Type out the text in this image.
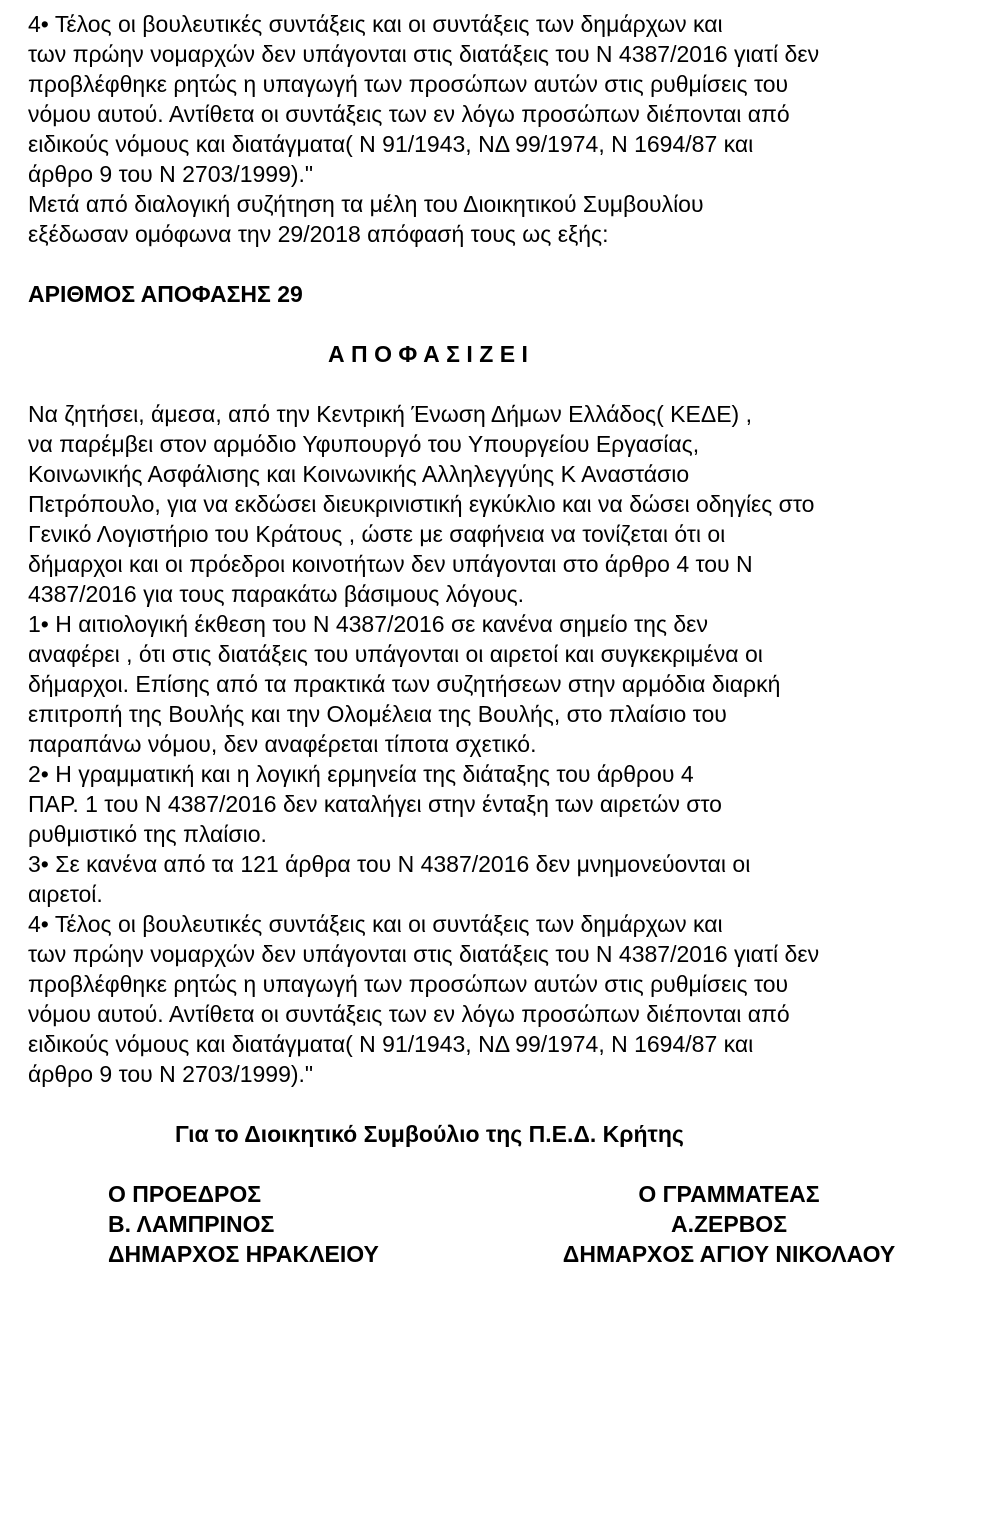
4• Τέλος οι βουλευτικές συντάξεις και οι συντάξεις των δημάρχων και
των πρώην νομαρχών δεν υπάγονται στις διατάξεις του Ν 4387/2016 γιατί δεν
προβλέφθηκε ρητώς η υπαγωγή των προσώπων αυτών στις ρυθμίσεις του
νόμου αυτού. Αντίθετα οι συντάξεις των εν λόγω προσώπων διέπονται από
ειδικούς νόμους και διατάγματα( Ν 91/1943, ΝΔ 99/1974, Ν 1694/87 και
άρθρο 9 του Ν 2703/1999)."

Μετά από διαλογική συζήτηση τα μέλη του Διοικητικού Συμβουλίου
εξέδωσαν ομόφωνα την 29/2018 απόφασή τους ως εξής:

ΑΡΙΘΜΟΣ ΑΠΟΦΑΣΗΣ 29

ΑΠΟΦΑΣΙΖΕΙ

Να ζητήσει, άμεσα, από την Κεντρική Ένωση Δήμων Ελλάδος( ΚΕΔΕ) ,
να παρέμβει στον αρμόδιο Υφυπουργό του Υπουργείου Εργασίας,
Κοινωνικής Ασφάλισης και Κοινωνικής Αλληλεγγύης Κ Αναστάσιο
Πετρόπουλο, για να εκδώσει διευκρινιστική εγκύκλιο και να δώσει οδηγίες στο
Γενικό Λογιστήριο του Κράτους , ώστε με σαφήνεια να τονίζεται ότι οι
δήμαρχοι και οι πρόεδροι κοινοτήτων δεν υπάγονται στο άρθρο 4 του Ν
4387/2016 για τους παρακάτω βάσιμους λόγους.

1• Η αιτιολογική έκθεση του Ν 4387/2016 σε κανένα σημείο της δεν
αναφέρει , ότι στις διατάξεις του υπάγονται οι αιρετοί και συγκεκριμένα οι
δήμαρχοι. Επίσης από τα πρακτικά των συζητήσεων στην αρμόδια διαρκή
επιτροπή της Βουλής και την Ολομέλεια της Βουλής, στο πλαίσιο του
παραπάνω νόμου, δεν αναφέρεται τίποτα σχετικό.

2• Η γραμματική και η λογική ερμηνεία της διάταξης του άρθρου 4
ΠΑΡ. 1 του Ν 4387/2016 δεν καταλήγει στην ένταξη των αιρετών στο
ρυθμιστικό της πλαίσιο.

3• Σε κανένα από τα 121 άρθρα του Ν 4387/2016 δεν μνημονεύονται οι
αιρετοί.

4• Τέλος οι βουλευτικές συντάξεις και οι συντάξεις των δημάρχων και
των πρώην νομαρχών δεν υπάγονται στις διατάξεις του Ν 4387/2016 γιατί δεν
προβλέφθηκε ρητώς η υπαγωγή των προσώπων αυτών στις ρυθμίσεις του
νόμου αυτού. Αντίθετα οι συντάξεις των εν λόγω προσώπων διέπονται από
ειδικούς νόμους και διατάγματα( Ν 91/1943, ΝΔ 99/1974, Ν 1694/87 και
άρθρο 9 του Ν 2703/1999)."

Για το Διοικητικό Συμβούλιο της Π.Ε.Δ. Κρήτης

Ο ΠΡΟΕΔΡΟΣ
Β. ΛΑΜΠΡΙΝΟΣ
ΔΗΜΑΡΧΟΣ ΗΡΑΚΛΕΙΟΥ
Ο ΓΡΑΜΜΑΤΕΑΣ
Α.ΖΕΡΒΟΣ
ΔΗΜΑΡΧΟΣ ΑΓΙΟΥ ΝΙΚΟΛΑΟΥ
